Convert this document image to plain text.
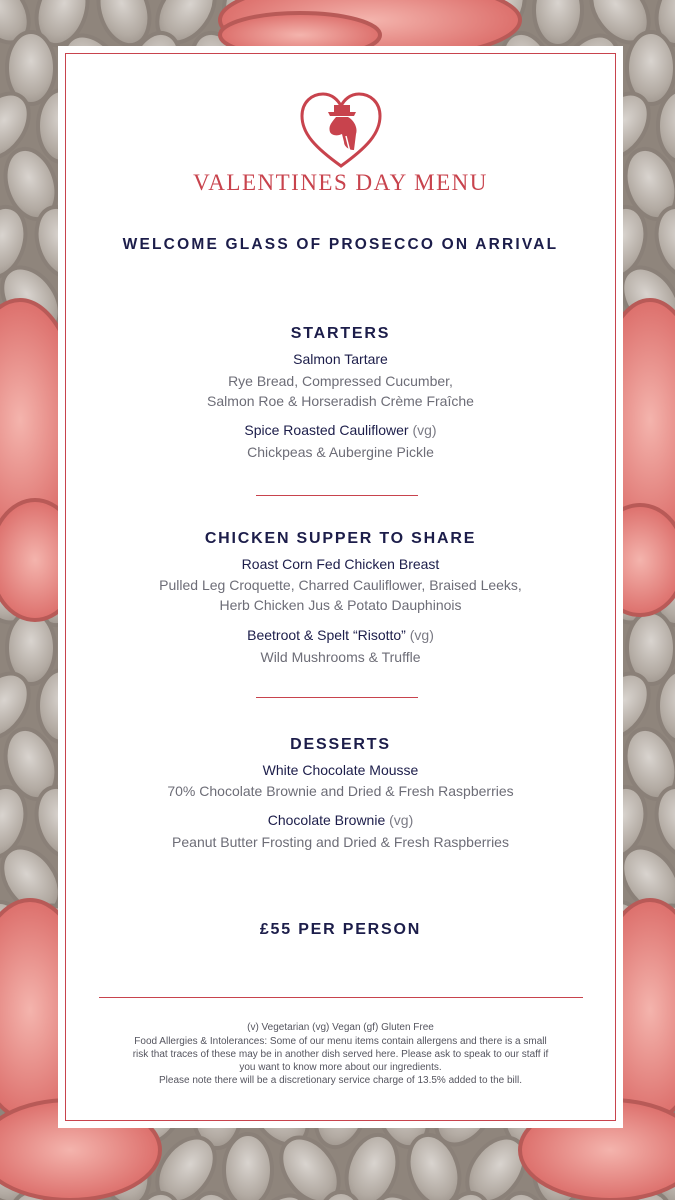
VALENTINES DAY MENU
WELCOME GLASS OF PROSECCO ON ARRIVAL
STARTERS
Salmon Tartare
Rye Bread, Compressed Cucumber,
Salmon Roe & Horseradish Crème Fraîche
Spice Roasted Cauliflower (vg)
Chickpeas & Aubergine Pickle
CHICKEN SUPPER TO SHARE
Roast Corn Fed Chicken Breast
Pulled Leg Croquette, Charred Cauliflower, Braised Leeks,
Herb Chicken Jus & Potato Dauphinois
Beetroot & Spelt “Risotto” (vg)
Wild Mushrooms & Truffle
DESSERTS
White Chocolate Mousse
70% Chocolate Brownie and Dried & Fresh Raspberries
Chocolate Brownie (vg)
Peanut Butter Frosting and Dried & Fresh Raspberries
£55 PER PERSON
(v) Vegetarian (vg) Vegan (gf) Gluten Free
Food Allergies & Intolerances: Some of our menu items contain allergens and there is a small
risk that traces of these may be in another dish served here. Please ask to speak to our staff if
you want to know more about our ingredients.
Please note there will be a discretionary service charge of 13.5% added to the bill.
